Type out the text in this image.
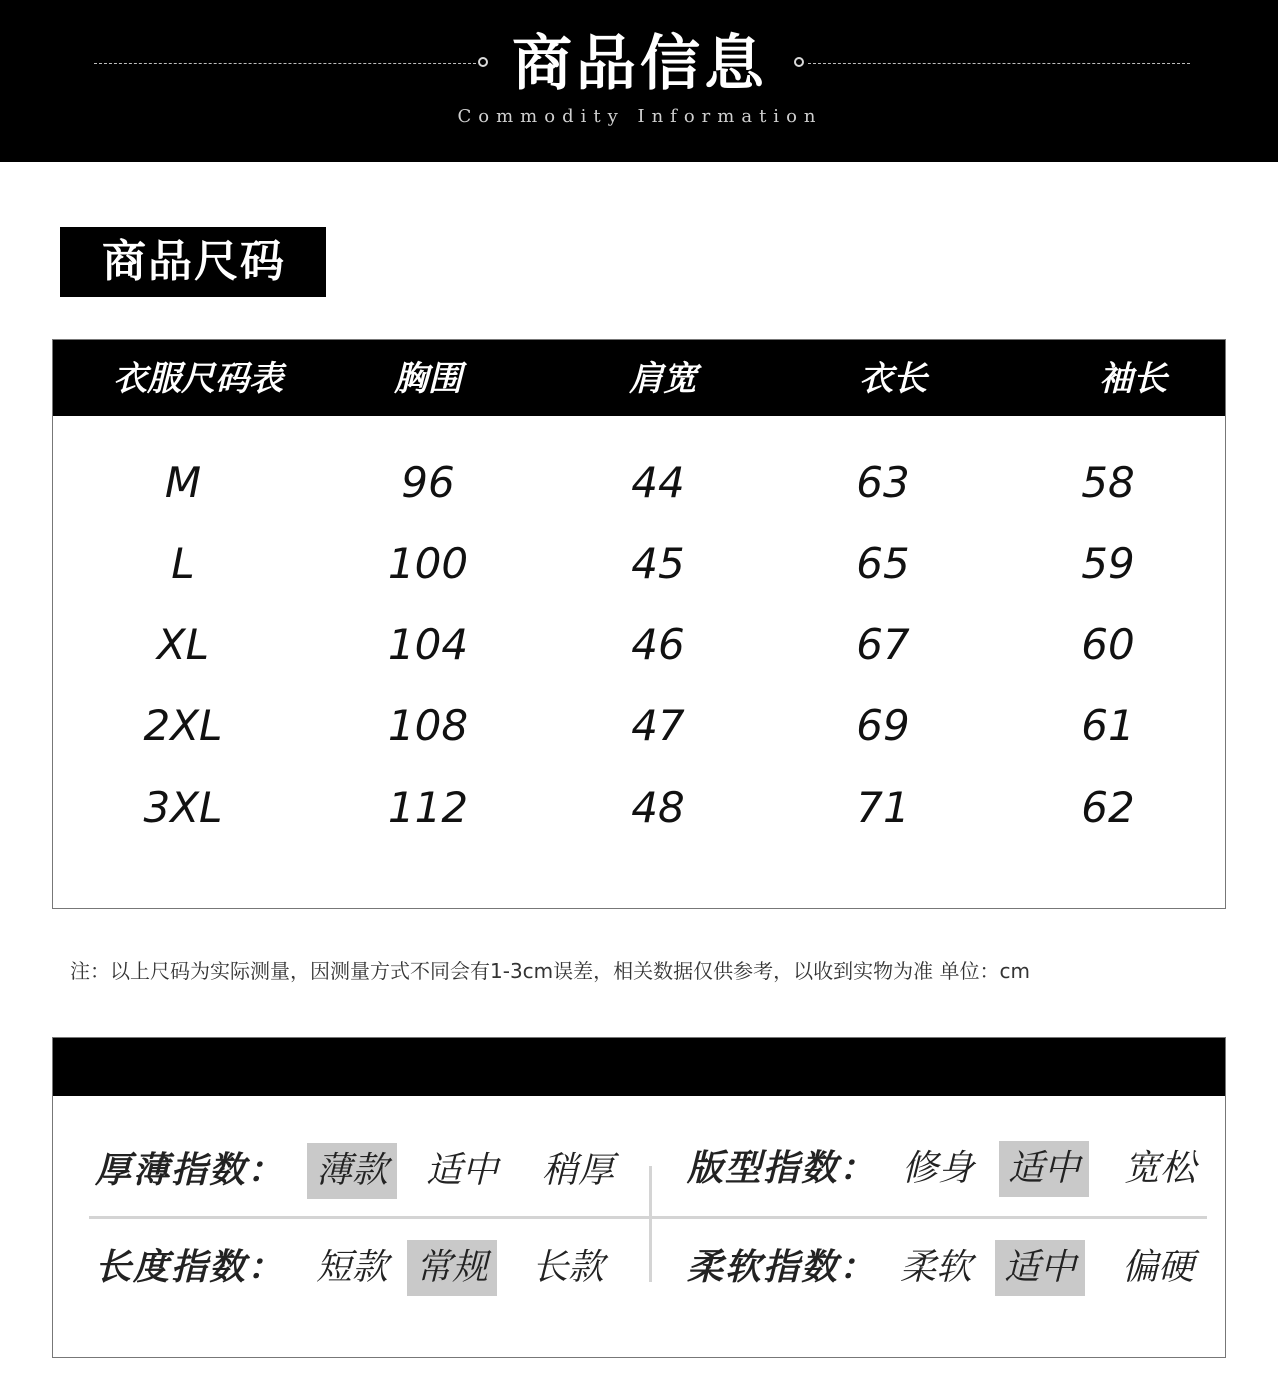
商品信息
Commodity Information
商品尺码
衣服尺码表	胸围	肩宽	衣长	袖长
M	96	44	63	58
L	100	45	65	59
XL	104	46	67	60
2XL	108	47	69	61
3XL	112	48	71	62
注：以上尺码为实际测量，因测量方式不同会有1-3cm误差，相关数据仅供参考，以收到实物为准 单位：cm
厚薄指数： 薄款 适中 稍厚 版型指数： 修身 适中 宽松
长度指数： 短款 常规 长款 柔软指数： 柔软 适中 偏硬
